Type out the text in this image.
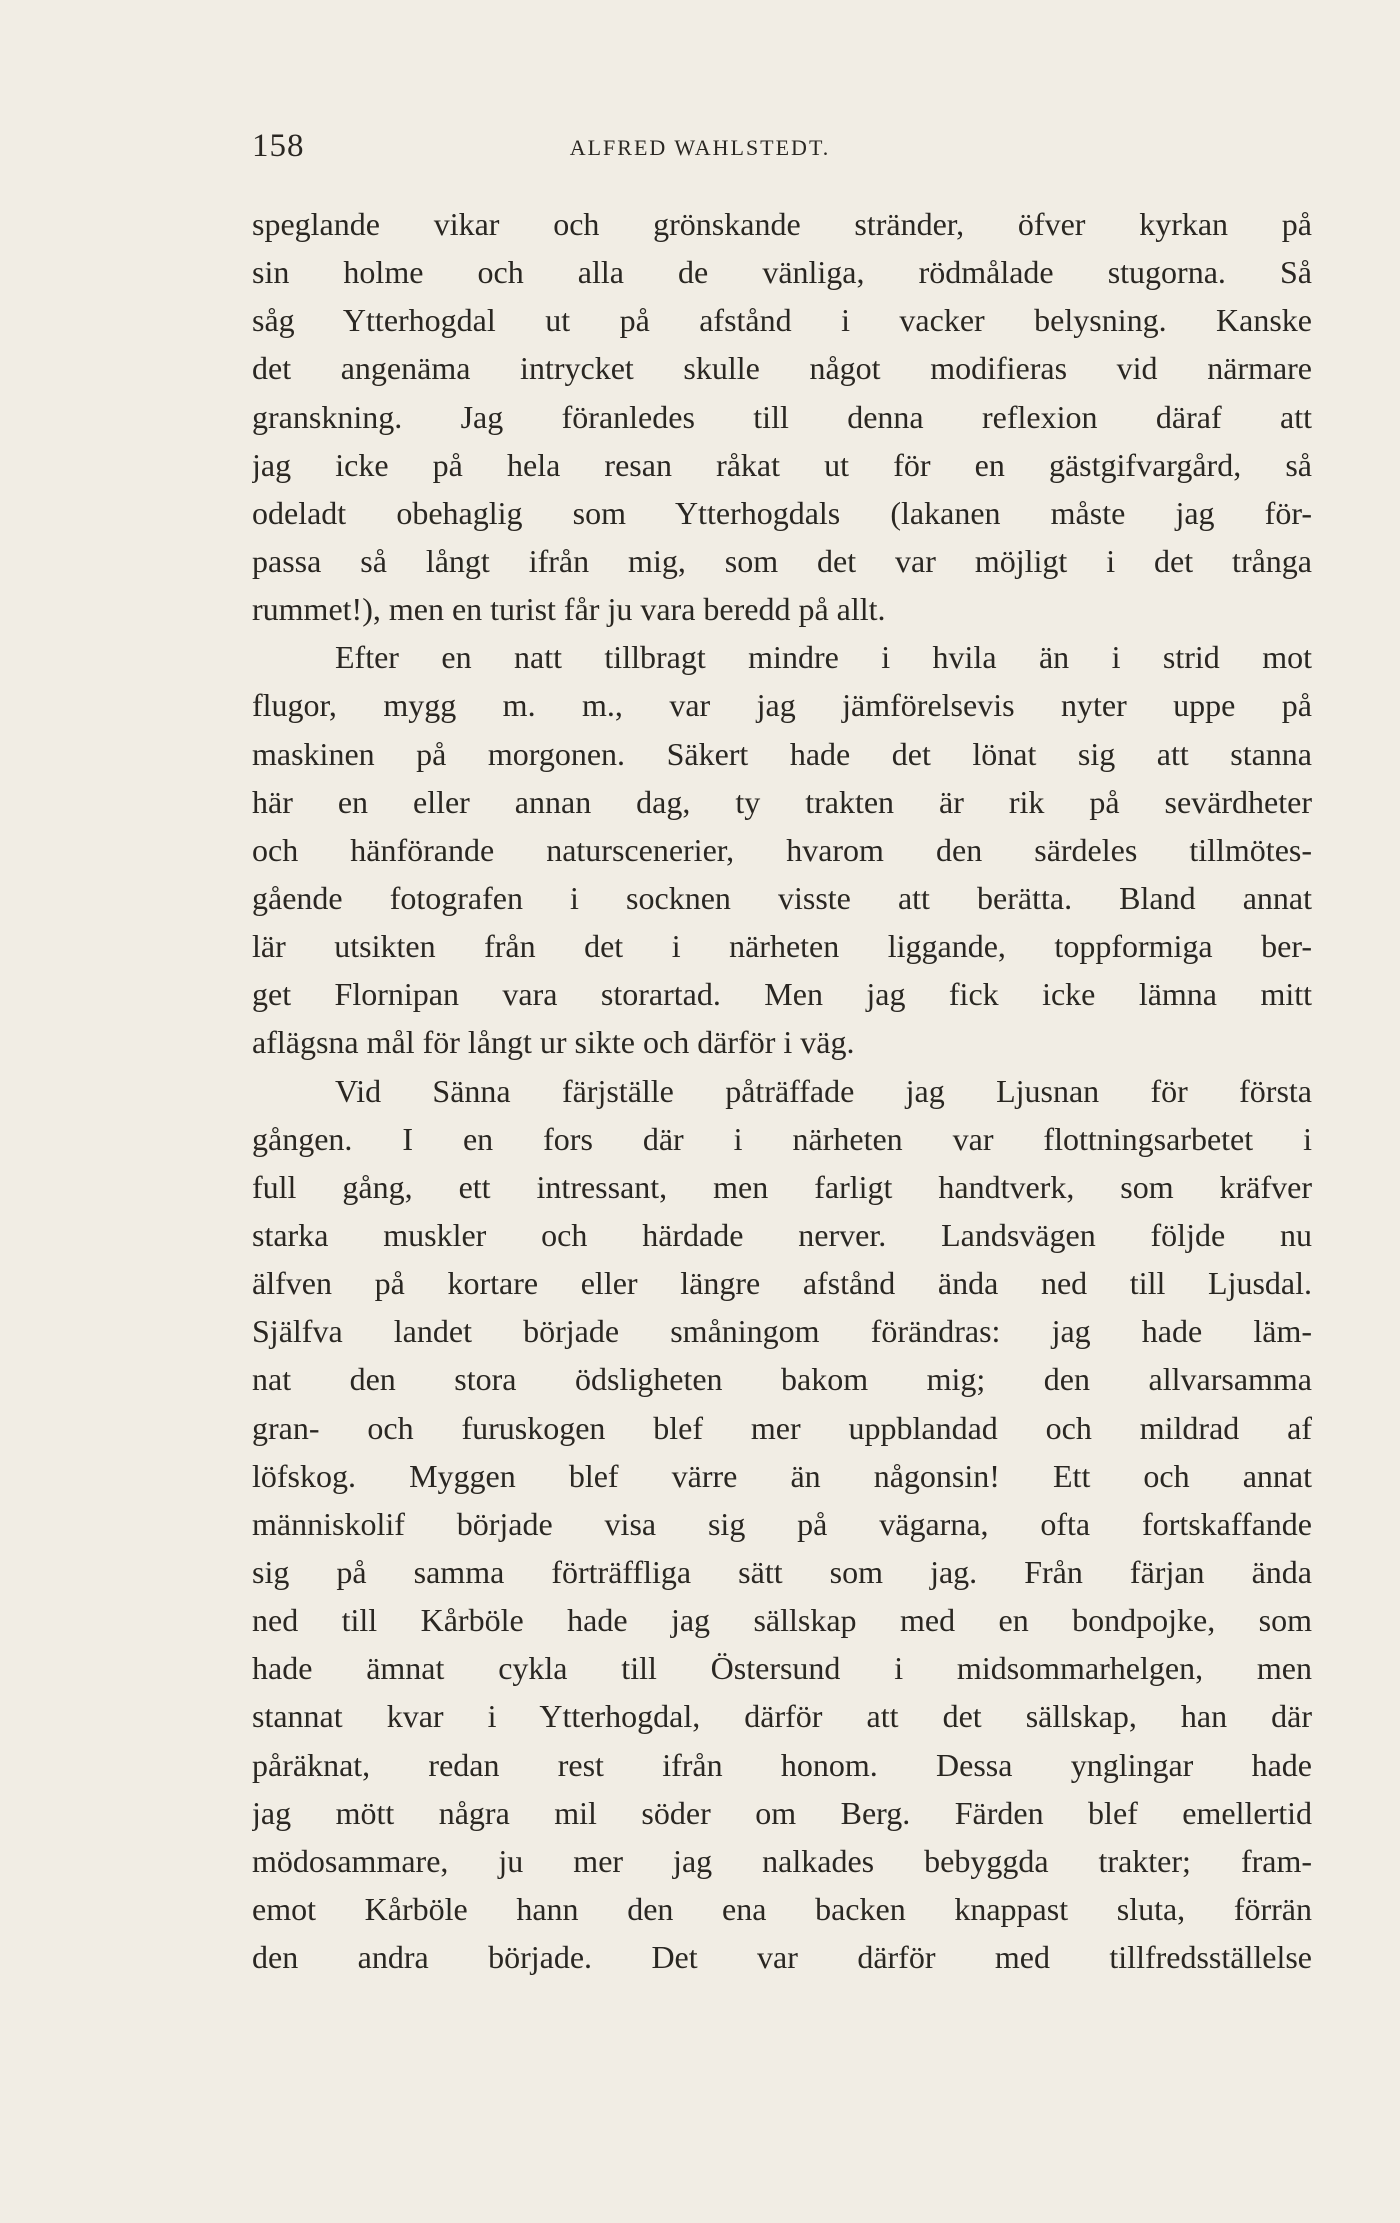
158	ALFRED WAHLSTEDT.
speglande vikar och grönskande stränder, öfver kyrkan på
sin holme och alla de vänliga, rödmålade stugorna. Så
såg Ytterhogdal ut på afstånd i vacker belysning. Kanske
det angenäma intrycket skulle något modifieras vid närmare
granskning. Jag föranledes till denna reflexion däraf att
jag icke på hela resan råkat ut för en gästgifvargård, så
odeladt obehaglig som Ytterhogdals (lakanen måste jag för-
passa så långt ifrån mig, som det var möjligt i det trånga
rummet!), men en turist får ju vara beredd på allt.
Efter en natt tillbragt mindre i hvila än i strid mot
flugor, mygg m. m., var jag jämförelsevis nyter uppe på
maskinen på morgonen. Säkert hade det lönat sig att stanna
här en eller annan dag, ty trakten är rik på sevärdheter
och hänförande naturscenerier, hvarom den särdeles tillmötes-
gående fotografen i socknen visste att berätta. Bland annat
lär utsikten från det i närheten liggande, toppformiga ber-
get Flornipan vara storartad. Men jag fick icke lämna mitt
aflägsna mål för långt ur sikte och därför i väg.
Vid Sänna färjställe påträffade jag Ljusnan för första
gången. I en fors där i närheten var flottningsarbetet i
full gång, ett intressant, men farligt handtverk, som kräfver
starka muskler och härdade nerver. Landsvägen följde nu
älfven på kortare eller längre afstånd ända ned till Ljusdal.
Själfva landet började småningom förändras: jag hade läm-
nat den stora ödsligheten bakom mig; den allvarsamma
gran- och furuskogen blef mer uppblandad och mildrad af
löfskog. Myggen blef värre än någonsin! Ett och annat
människolif började visa sig på vägarna, ofta fortskaffande
sig på samma förträffliga sätt som jag. Från färjan ända
ned till Kårböle hade jag sällskap med en bondpojke, som
hade ämnat cykla till Östersund i midsommarhelgen, men
stannat kvar i Ytterhogdal, därför att det sällskap, han där
påräknat, redan rest ifrån honom. Dessa ynglingar hade
jag mött några mil söder om Berg. Färden blef emellertid
mödosammare, ju mer jag nalkades bebyggda trakter; fram-
emot Kårböle hann den ena backen knappast sluta, förrän
den andra började. Det var därför med tillfredsställelse
